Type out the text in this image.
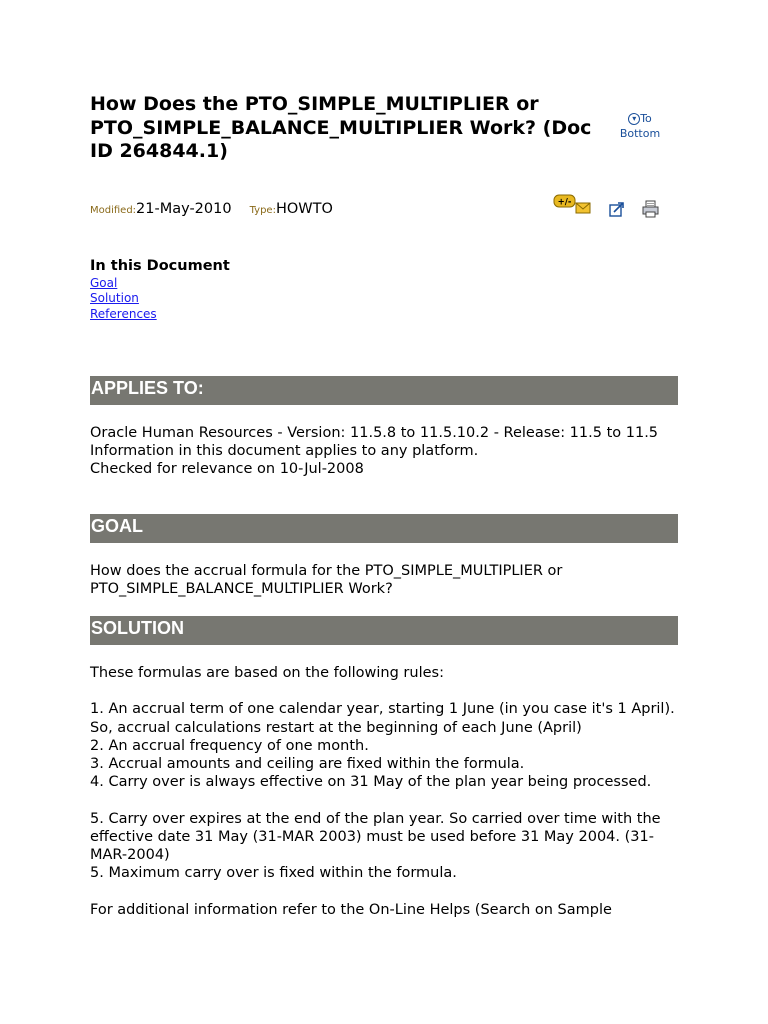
How Does the PTO_SIMPLE_MULTIPLIER or PTO_SIMPLE_BALANCE_MULTIPLIER Work? (Doc ID 264844.1)
▾ To
Bottom
Modified:21-May-2010 Type:HOWTO	+/-
In this Document
Goal
Solution
References
APPLIES TO:
Oracle Human Resources - Version: 11.5.8 to 11.5.10.2 - Release: 11.5 to 11.5
Information in this document applies to any platform.
Checked for relevance on 10-Jul-2008
GOAL
How does the accrual formula for the PTO_SIMPLE_MULTIPLIER or PTO_SIMPLE_BALANCE_MULTIPLIER Work?
SOLUTION
These formulas are based on the following rules:
1. An accrual term of one calendar year, starting 1 June (in you case it's 1 April). So, accrual calculations restart at the beginning of each June (April)
2. An accrual frequency of one month.
3. Accrual amounts and ceiling are fixed within the formula.
4. Carry over is always effective on 31 May of the plan year being processed.
5. Carry over expires at the end of the plan year. So carried over time with the effective date 31 May (31-MAR 2003) must be used before 31 May 2004. (31-MAR-2004)
5. Maximum carry over is fixed within the formula.
For additional information refer to the On-Line Helps (Search on Sample
